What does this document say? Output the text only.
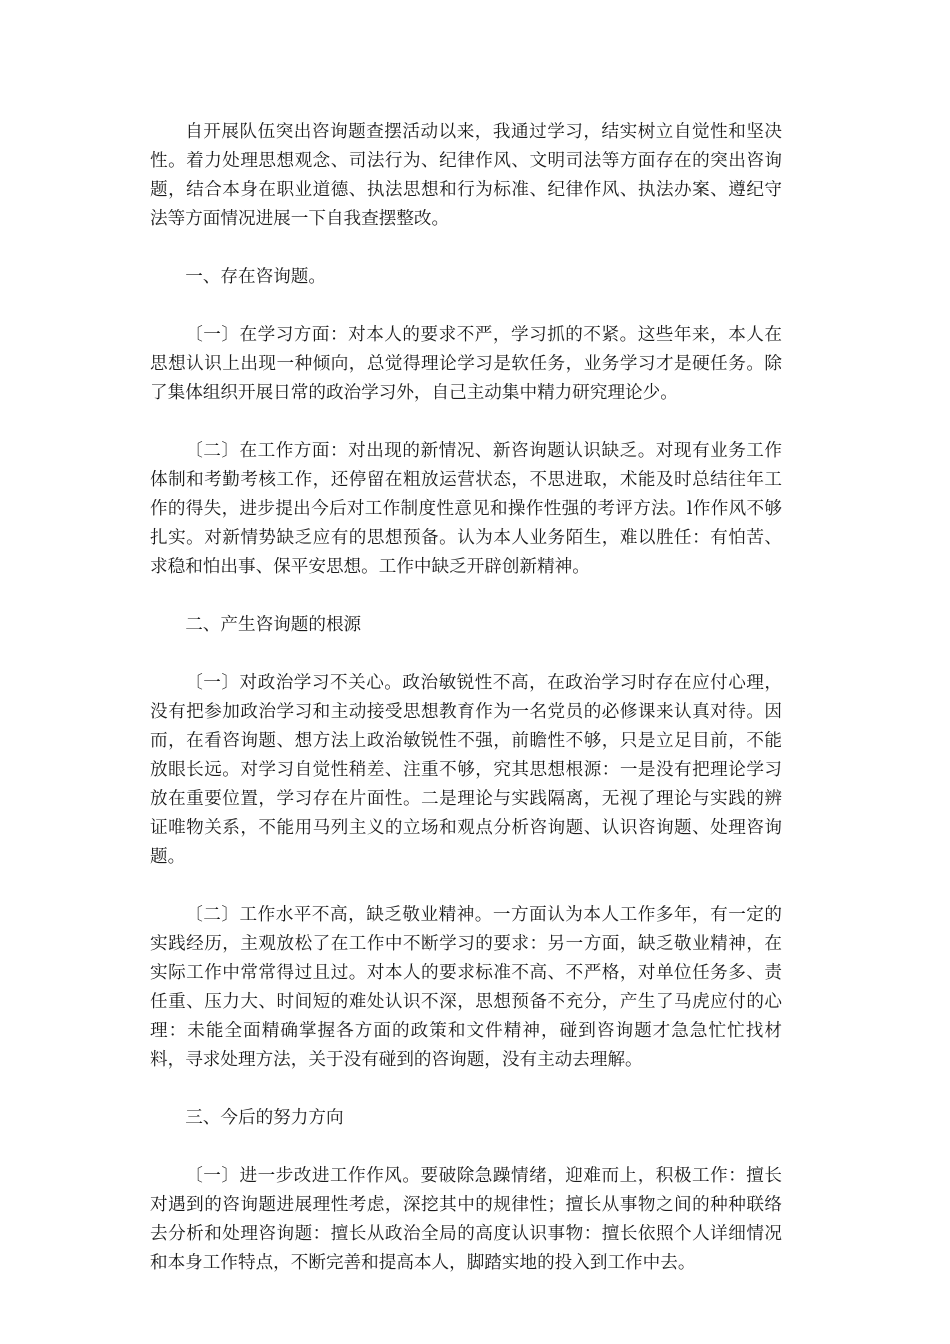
自开展队伍突出咨询题查摆活动以来，我通过学习，结实树立自觉性和坚决性。着力处理思想观念、司法行为、纪律作风、文明司法等方面存在的突出咨询题，结合本身在职业道德、执法思想和行为标准、纪律作风、执法办案、遵纪守法等方面情况进展一下自我查摆整改。

一、存在咨询题。

〔一〕在学习方面：对本人的要求不严，学习抓的不紧。这些年来，本人在思想认识上出现一种倾向，总觉得理论学习是软任务，业务学习才是硬任务。除了集体组织开展日常的政治学习外，自己主动集中精力研究理论少。

〔二〕在工作方面：对出现的新情况、新咨询题认识缺乏。对现有业务工作体制和考勤考核工作，还停留在粗放运营状态，不思进取，术能及时总结往年工作的得失，进步提出今后对工作制度性意见和操作性强的考评方法。l作作风不够扎实。对新情势缺乏应有的思想预备。认为本人业务陌生，难以胜任：有怕苦、求稳和怕出事、保平安思想。工作中缺乏开辟创新精神。

二、产生咨询题的根源

〔一〕对政治学习不关心。政治敏锐性不高，在政治学习时存在应付心理，没有把参加政治学习和主动接受思想教育作为一名党员的必修课来认真对待。因而，在看咨询题、想方法上政治敏锐性不强，前瞻性不够，只是立足目前，不能放眼长远。对学习自觉性稍差、注重不够，究其思想根源：一是没有把理论学习放在重要位置，学习存在片面性。二是理论与实践隔离，无视了理论与实践的辨证唯物关系，不能用马列主义的立场和观点分析咨询题、认识咨询题、处理咨询题。

〔二〕工作水平不高，缺乏敬业精神。一方面认为本人工作多年，有一定的实践经历，主观放松了在工作中不断学习的要求：另一方面，缺乏敬业精神，在实际工作中常常得过且过。对本人的要求标准不高、不严格，对单位任务多、责任重、压力大、时间短的难处认识不深，思想预备不充分，产生了马虎应付的心理：未能全面精确掌握各方面的政策和文件精神，碰到咨询题才急急忙忙找材料，寻求处理方法，关于没有碰到的咨询题，没有主动去理解。

三、今后的努力方向

〔一〕进一步改进工作作风。要破除急躁情绪，迎难而上，积极工作：擅长对遇到的咨询题进展理性考虑，深挖其中的规律性；擅长从事物之间的种种联络去分析和处理咨询题：擅长从政治全局的高度认识事物：擅长依照个人详细情况和本身工作特点，不断完善和提高本人，脚踏实地的投入到工作中去。
